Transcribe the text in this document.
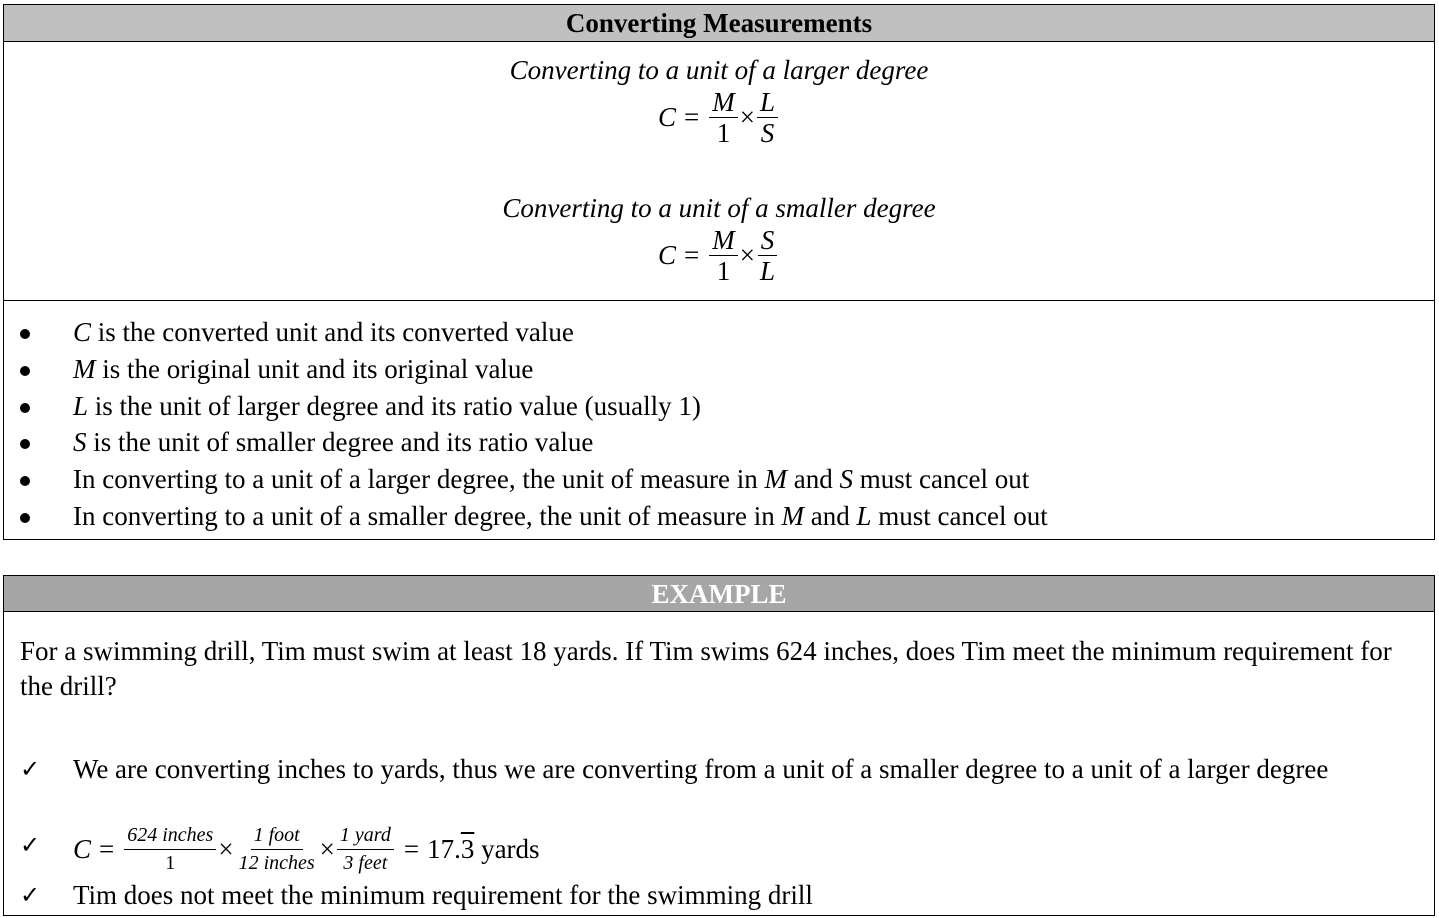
Converting Measurements
Converting to a unit of a larger degree
$C = \frac{M}{1} \times \frac{L}{S}$
Converting to a unit of a smaller degree
$C = \frac{M}{1} \times \frac{S}{L}$
C is the converted unit and its converted value
M is the original unit and its original value
L is the unit of larger degree and its ratio value (usually 1)
S is the unit of smaller degree and its ratio value
In converting to a unit of a larger degree, the unit of measure in M and S must cancel out
In converting to a unit of a smaller degree, the unit of measure in M and L must cancel out
EXAMPLE
For a swimming drill, Tim must swim at least 18 yards. If Tim swims 624 inches, does Tim meet the minimum requirement for the drill?
✓ We are converting inches to yards, thus we are converting from a unit of a smaller degree to a unit of a larger degree
✓ $C = \frac{\text{624 inches}}{1} \times \frac{\text{1 foot}}{\text{12 inches}} \times \frac{\text{1 yard}}{\text{3 feet}} = 17$. 3 yards
✓ Tim does not meet the minimum requirement for the swimming drill
